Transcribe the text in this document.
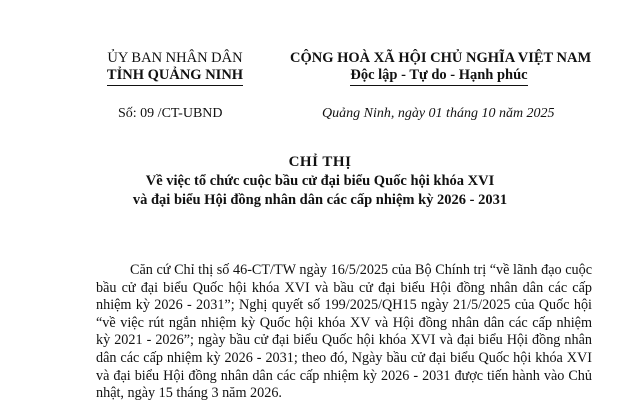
ỦY BAN NHÂN DÂN
TỈNH QUẢNG NINH
CỘNG HOÀ XÃ HỘI CHỦ NGHĨA VIỆT NAM
Độc lập - Tự do - Hạnh phúc
Số: 09 /CT-UBND	Quảng Ninh, ngày 01 tháng 10 năm 2025
CHỈ THỊ
Về việc tổ chức cuộc bầu cử đại biểu Quốc hội khóa XVI
và đại biểu Hội đồng nhân dân các cấp nhiệm kỳ 2026 - 2031
Căn cứ Chỉ thị số 46-CT/TW ngày 16/5/2025 của Bộ Chính trị “về lãnh đạo cuộc bầu cử đại biểu Quốc hội khóa XVI và bầu cử đại biểu Hội đồng nhân dân các cấp nhiệm kỳ 2026 - 2031”; Nghị quyết số 199/2025/QH15 ngày 21/5/2025 của Quốc hội “về việc rút ngắn nhiệm kỳ Quốc hội khóa XV và Hội đồng nhân dân các cấp nhiệm kỳ 2021 - 2026”; ngày bầu cử đại biểu Quốc hội khóa XVI và đại biểu Hội đồng nhân dân các cấp nhiệm kỳ 2026 - 2031; theo đó, Ngày bầu cử đại biểu Quốc hội khóa XVI và đại biểu Hội đồng nhân dân các cấp nhiệm kỳ 2026 - 2031 được tiến hành vào Chủ nhật, ngày 15 tháng 3 năm 2026.
